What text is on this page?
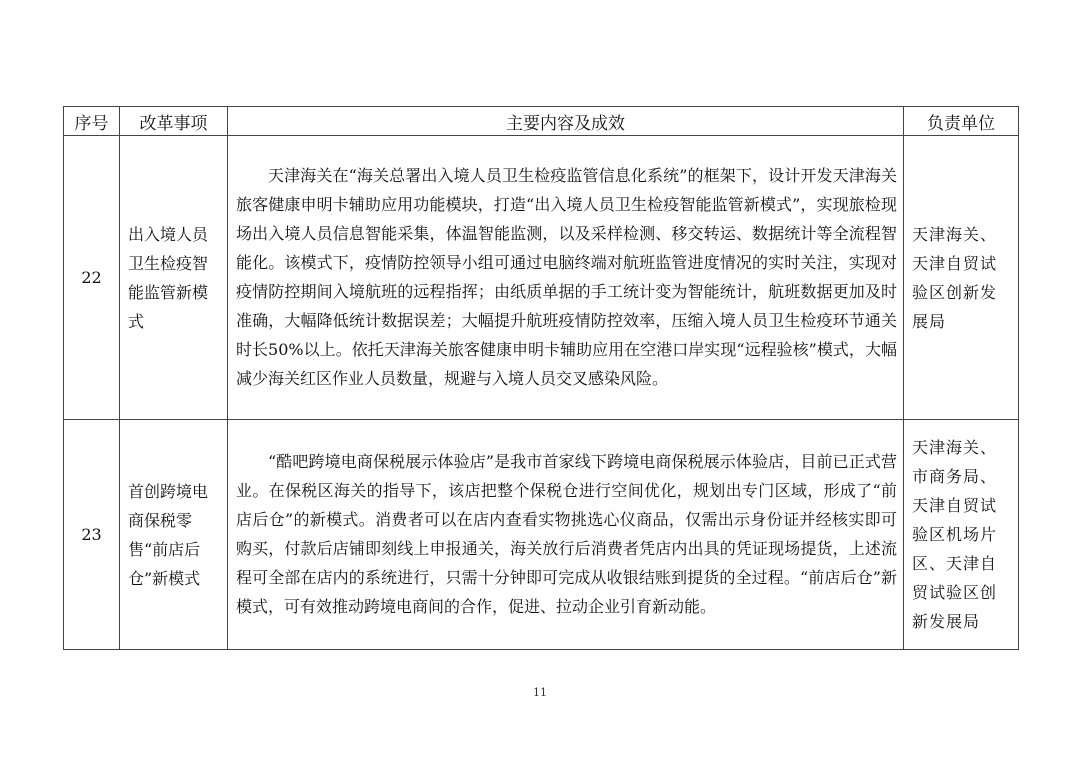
序号	改革事项	主要内容及成效	负责单位
22	出入境人员卫生检疫智能监管新模式	天津海关在“海关总署出入境人员卫生检疫监管信息化系统”的框架下，设计开发天津海关旅客健康申明卡辅助应用功能模块，打造“出入境人员卫生检疫智能监管新模式”，实现旅检现场出入境人员信息智能采集，体温智能监测，以及采样检测、移交转运、数据统计等全流程智能化。该模式下，疫情防控领导小组可通过电脑终端对航班监管进度情况的实时关注，实现对疫情防控期间入境航班的远程指挥；由纸质单据的手工统计变为智能统计，航班数据更加及时准确，大幅降低统计数据误差；大幅提升航班疫情防控效率，压缩入境人员卫生检疫环节通关时长50%以上。依托天津海关旅客健康申明卡辅助应用在空港口岸实现“远程验核”模式，大幅减少海关红区作业人员数量，规避与入境人员交叉感染风险。	天津海关、天津自贸试验区创新发展局
23	首创跨境电商保税零售“前店后仓”新模式	“酷吧跨境电商保税展示体验店”是我市首家线下跨境电商保税展示体验店，目前已正式营业。在保税区海关的指导下，该店把整个保税仓进行空间优化，规划出专门区域，形成了“前店后仓”的新模式。消费者可以在店内查看实物挑选心仪商品，仅需出示身份证并经核实即可购买，付款后店铺即刻线上申报通关，海关放行后消费者凭店内出具的凭证现场提货，上述流程可全部在店内的系统进行，只需十分钟即可完成从收银结账到提货的全过程。“前店后仓”新模式，可有效推动跨境电商间的合作，促进、拉动企业引育新动能。	天津海关、市商务局、天津自贸试验区机场片区、天津自贸试验区创新发展局
11
